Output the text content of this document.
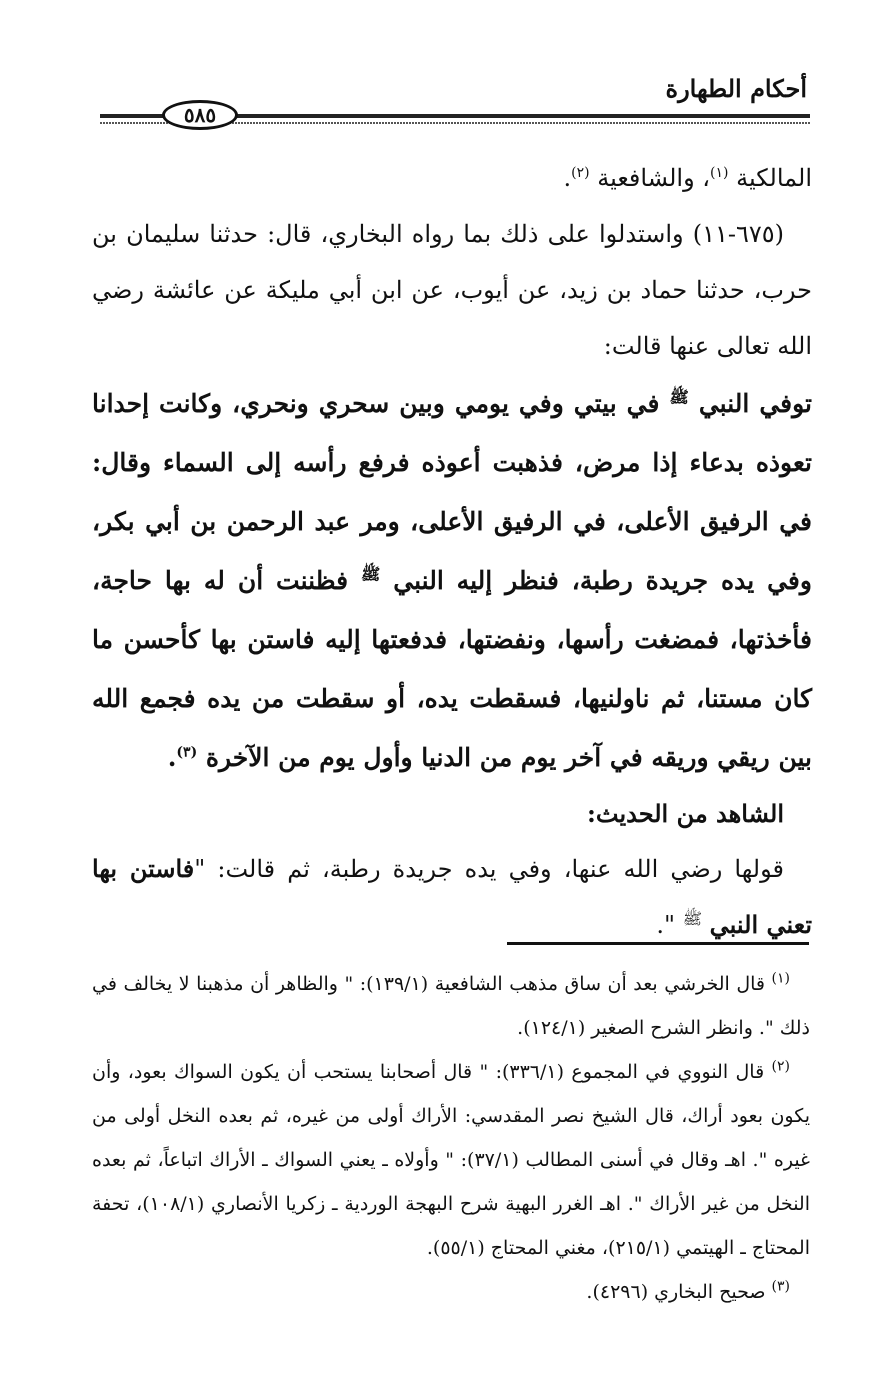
أحكام الطهارة
٥٨٥

المالكية $^{(١)}$، والشافعية $^{(٢)}$.

(٦٧٥-١١) واستدلوا على ذلك بما رواه البخاري، قال: حدثنا سليمان بن حرب، حدثنا حماد بن زيد، عن أيوب، عن ابن أبي مليكة عن عائشة رضي الله تعالى عنها قالت:

توفي النبي $^ﷺ$ في بيتي وفي يومي وبين سحري ونحري، وكانت إحدانا تعوذه بدعاء إذا مرض، فذهبت أعوذه فرفع رأسه إلى السماء وقال: في الرفيق الأعلى، في الرفيق الأعلى، ومر عبد الرحمن بن أبي بكر، وفي يده جريدة رطبة، فنظر إليه النبي $^ﷺ$ فظننت أن له بها حاجة، فأخذتها، فمضغت رأسها، ونفضتها، فدفعتها إليه فاستن بها كأحسن ما كان مستنا، ثم ناولنيها، فسقطت يده، أو سقطت من يده فجمع الله بين ريقي وريقه في آخر يوم من الدنيا وأول يوم من الآخرة $^{(٣)}$.

الشاهد من الحديث:

قولها رضي الله عنها، وفي يده جريدة رطبة، ثم قالت: "فاستن بها تعني النبي $^ﷺ$ ".

$^{(١)}$ قال الخرشي بعد أن ساق مذهب الشافعية (١٣٩/١): " والظاهر أن مذهبنا لا يخالف في ذلك ". وانظر الشرح الصغير (١٢٤/١).

$^{(٢)}$ قال النووي في المجموع (٣٣٦/١): " قال أصحابنا يستحب أن يكون السواك بعود، وأن يكون بعود أراك، قال الشيخ نصر المقدسي: الأراك أولى من غيره، ثم بعده النخل أولى من غيره ". اهـ وقال في أسنى المطالب (٣٧/١): " وأولاه ـ يعني السواك ـ الأراك اتباعاً، ثم بعده النخل من غير الأراك ". اهـ الغرر البهية شرح البهجة الوردية ـ زكريا الأنصاري (١٠٨/١)، تحفة المحتاج ـ الهيتمي (٢١٥/١)، مغني المحتاج (٥٥/١).

$^{(٣)}$ صحيح البخاري (٤٢٩٦).
